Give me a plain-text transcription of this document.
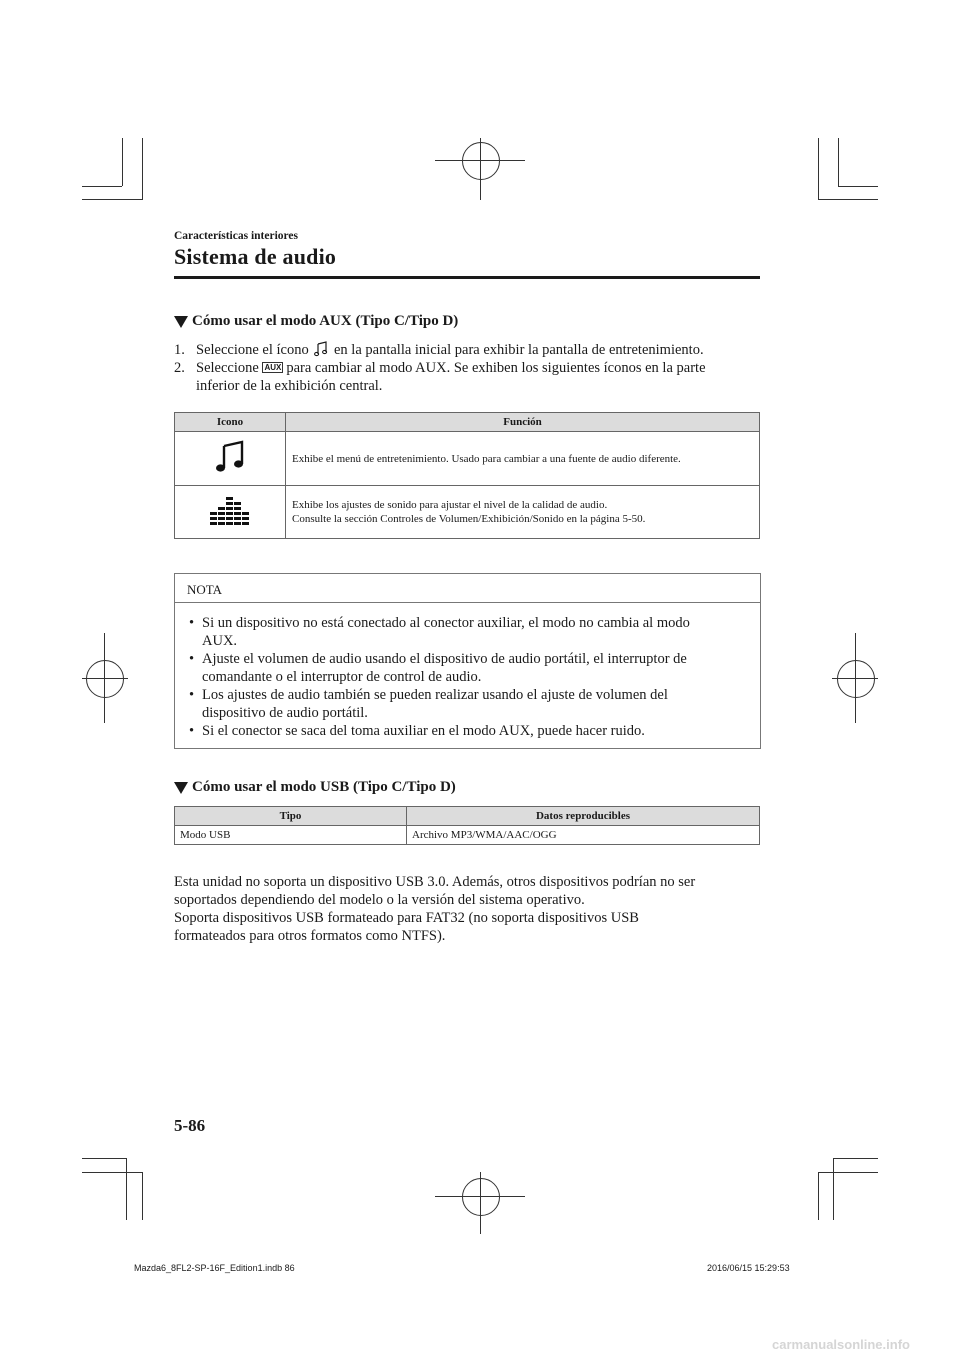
Características interiores
Sistema de audio
Cómo usar el modo AUX (Tipo C/Tipo D)
1. Seleccione el ícono en la pantalla inicial para exhibir la pantalla de entretenimiento.
2. Seleccione AUX para cambiar al modo AUX. Se exhiben los siguientes íconos en la parte
inferior de la exhibición central.
Icono	Función
	Exhibe el menú de entretenimiento. Usado para cambiar a una fuente de audio diferente.
	Exhibe los ajustes de sonido para ajustar el nivel de la calidad de audio.
Consulte la sección Controles de Volumen/Exhibición/Sonido en la página 5-50.
NOTA
• Si un dispositivo no está conectado al conector auxiliar, el modo no cambia al modo
AUX.
• Ajuste el volumen de audio usando el dispositivo de audio portátil, el interruptor de
comandante o el interruptor de control de audio.
• Los ajustes de audio también se pueden realizar usando el ajuste de volumen del
dispositivo de audio portátil.
• Si el conector se saca del toma auxiliar en el modo AUX, puede hacer ruido.
Cómo usar el modo USB (Tipo C/Tipo D)
Tipo	Datos reproducibles
Modo USB	Archivo MP3/WMA/AAC/OGG
Esta unidad no soporta un dispositivo USB 3.0. Además, otros dispositivos podrían no ser
soportados dependiendo del modelo o la versión del sistema operativo.
Soporta dispositivos USB formateado para FAT32 (no soporta dispositivos USB
formateados para otros formatos como NTFS).
5-86
Mazda6_8FL2-SP-16F_Edition1.indb 86	2016/06/15 15:29:53
carmanualsonline.info
